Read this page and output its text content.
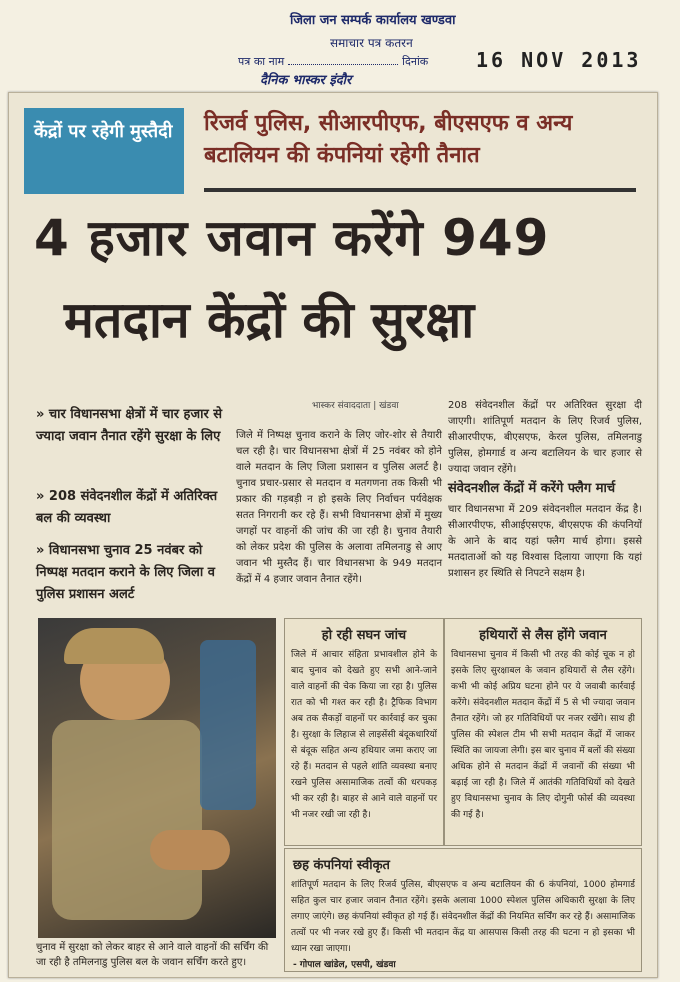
जिला जन सम्पर्क कार्यालय खण्डवा
समाचार पत्र कतरन
पत्र का नाम	दिनांक
दैनिक भास्कर इंदौर
16 NOV 2013
केंद्रों पर रहेगी मुस्तैदी	रिजर्व पुलिस, सीआरपीएफ, बीएसएफ व अन्य बटालियन की कंपनियां रहेगी तैनात
4 हजार जवान करेंगे 949
मतदान केंद्रों की सुरक्षा
» चार विधानसभा क्षेत्रों में चार हजार से ज्यादा जवान तैनात रहेंगे सुरक्षा के लिए
» 208 संवेदनशील केंद्रों में अतिरिक्त बल की व्यवस्था
» विधानसभा चुनाव 25 नवंबर को निष्पक्ष मतदान कराने के लिए जिला व पुलिस प्रशासन अलर्ट
भास्कर संवाददाता | खंडवा
जिले में निष्पक्ष चुनाव कराने के लिए जोर-शोर से तैयारी चल रही है। चार विधानसभा क्षेत्रों में 25 नवंबर को होने वाले मतदान के लिए जिला प्रशासन व पुलिस अलर्ट है। चुनाव प्रचार-प्रसार से मतदान व मतगणना तक किसी भी प्रकार की गड़बड़ी न हो इसके लिए निर्वाचन पर्यवेक्षक सतत निगरानी कर रहे हैं। सभी विधानसभा क्षेत्रों में मुख्य जगहों पर वाहनों की जांच की जा रही है। चुनाव तैयारी को लेकर प्रदेश की पुलिस के अलावा तमिलनाडु से आए जवान भी मुस्तैद हैं। चार विधानसभा के 949 मतदान केंद्रों में 4 हजार जवान तैनात रहेंगे।
208 संवेदनशील केंद्रों पर अतिरिक्त सुरक्षा दी जाएगी। शांतिपूर्ण मतदान के लिए रिजर्व पुलिस, सीआरपीएफ, बीएसएफ, केरल पुलिस, तमिलनाडु पुलिस, होमगार्ड व अन्य बटालियन के चार हजार से ज्यादा जवान रहेंगे।
संवेदनशील केंद्रों में करेंगे फ्लैग मार्च
चार विधानसभा में 209 संवेदनशील मतदान केंद्र है। सीआरपीएफ, सीआईएसएफ, बीएसएफ की कंपनियों के आने के बाद यहां फ्लैग मार्च होगा। इससे मतदाताओं को यह विश्वास दिलाया जाएगा कि यहां प्रशासन हर स्थिति से निपटने सक्षम है।
चुनाव में सुरक्षा को लेकर बाहर से आने वाले वाहनों की सर्चिंग की जा रही है तमिलनाडु पुलिस बल के जवान सर्चिंग करते हुए।
हो रही सघन जांच
जिले में आचार संहिता प्रभावशील होने के बाद चुनाव को देखते हुए सभी आने-जाने वाले वाहनों की चेक किया जा रहा है। पुलिस रात को भी गश्त कर रही है। ट्रैफिक विभाग अब तक सैकड़ों वाहनों पर कार्रवाई कर चुका है। सुरक्षा के लिहाज से लाइसेंसी बंदूकधारियों से बंदूक सहित अन्य हथियार जमा कराए जा रहे हैं। मतदान से पहले शांति व्यवस्था बनाए रखने पुलिस असामाजिक तत्वों की धरपकड़ भी कर रही है। बाहर से आने वाले वाहनों पर भी नजर रखी जा रही है।
हथियारों से लैस होंगे जवान
विधानसभा चुनाव में किसी भी तरह की कोई चूक न हो इसके लिए सुरक्षाबल के जवान हथियारों से लैस रहेंगे। कभी भी कोई अप्रिय घटना होने पर ये जवाबी कार्रवाई करेंगे। संवेदनशील मतदान केंद्रों में 5 से भी ज्यादा जवान तैनात रहेंगे। जो हर गतिविधियों पर नजर रखेंगे। साथ ही पुलिस की स्पेशल टीम भी सभी मतदान केंद्रों में जाकर स्थिति का जायजा लेगी। इस बार चुनाव में बलों की संख्या अधिक होने से मतदान केंद्रों में जवानों की संख्या भी बढ़ाई जा रही है। जिले में आतंकी गतिविधियों को देखते हुए विधानसभा चुनाव के लिए दोगुनी फोर्स की व्यवस्था की गई है।
छह कंपनियां स्वीकृत
शांतिपूर्ण मतदान के लिए रिजर्व पुलिस, बीएसएफ व अन्य बटालियन की 6 कंपनियां, 1000 होमगार्ड सहित कुल चार हजार जवान तैनात रहेंगे। इसके अलावा 1000 स्पेशल पुलिस अधिकारी सुरक्षा के लिए लगाए जाएंगे। छह कंपनियां स्वीकृत हो गई हैं। संवेदनशील केंद्रों की नियमित सर्चिंग कर रहे हैं। असामाजिक तत्वों पर भी नजर रखे हुए हैं। किसी भी मतदान केंद्र या आसपास किसी तरह की घटना न हो इसका भी ध्यान रखा जाएगा।
- गोपाल खांडेल, एसपी, खंडवा
